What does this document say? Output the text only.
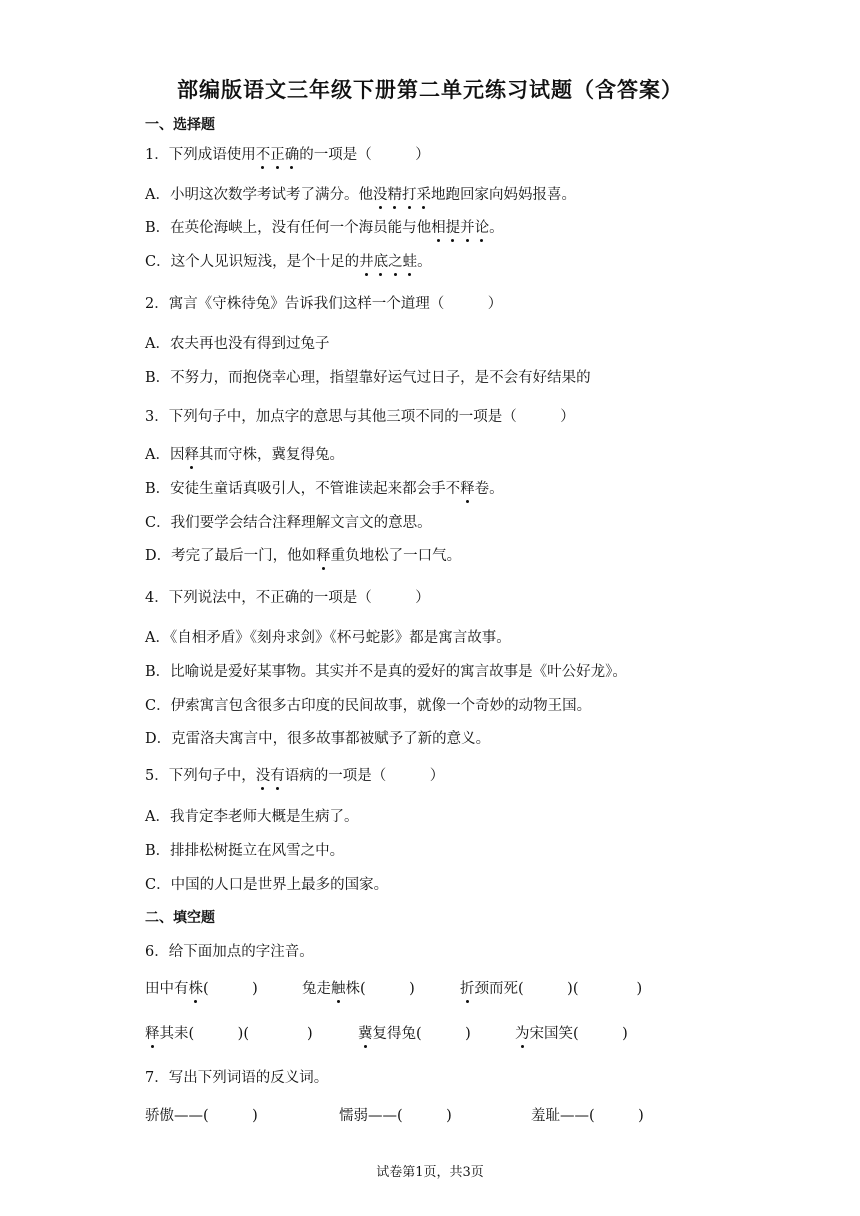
部编版语文三年级下册第二单元练习试题（含答案）
一、选择题
1．下列成语使用不正确的一项是（　　　）
A．小明这次数学考试考了满分。他没精打采地跑回家向妈妈报喜。
B．在英伦海峡上，没有任何一个海员能与他相提并论。
C．这个人见识短浅，是个十足的井底之蛙。
2．寓言《守株待兔》告诉我们这样一个道理（　　　）
A．农夫再也没有得到过兔子
B．不努力，而抱侥幸心理，指望靠好运气过日子，是不会有好结果的
3．下列句子中，加点字的意思与其他三项不同的一项是（　　　）
A．因释其而守株，冀复得兔。
B．安徒生童话真吸引人，不管谁读起来都会手不释卷。
C．我们要学会结合注释理解文言文的意思。
D．考完了最后一门，他如释重负地松了一口气。
4．下列说法中，不正确的一项是（　　　）
A．《自相矛盾》《刻舟求剑》《杯弓蛇影》都是寓言故事。
B．比喻说是爱好某事物。其实并不是真的爱好的寓言故事是《叶公好龙》。
C．伊索寓言包含很多古印度的民间故事，就像一个奇妙的动物王国。
D．克雷洛夫寓言中，很多故事都被赋予了新的意义。
5．下列句子中，没有语病的一项是（　　　）
A．我肯定李老师大概是生病了。
B．排排松树挺立在风雪之中。
C．中国的人口是世界上最多的国家。
二、填空题
6．给下面加点的字注音。
田中有株(　　　)	兔走触株(　　　)	折颈而死(　　　)(　　　　)
释其耒(　　　)(　　　　)	冀复得兔(　　　)	为宋国笑(　　　)
7．写出下列词语的反义词。
骄傲——(　　　)	懦弱——(　　　)	羞耻——(　　　)
试卷第1页，共3页
